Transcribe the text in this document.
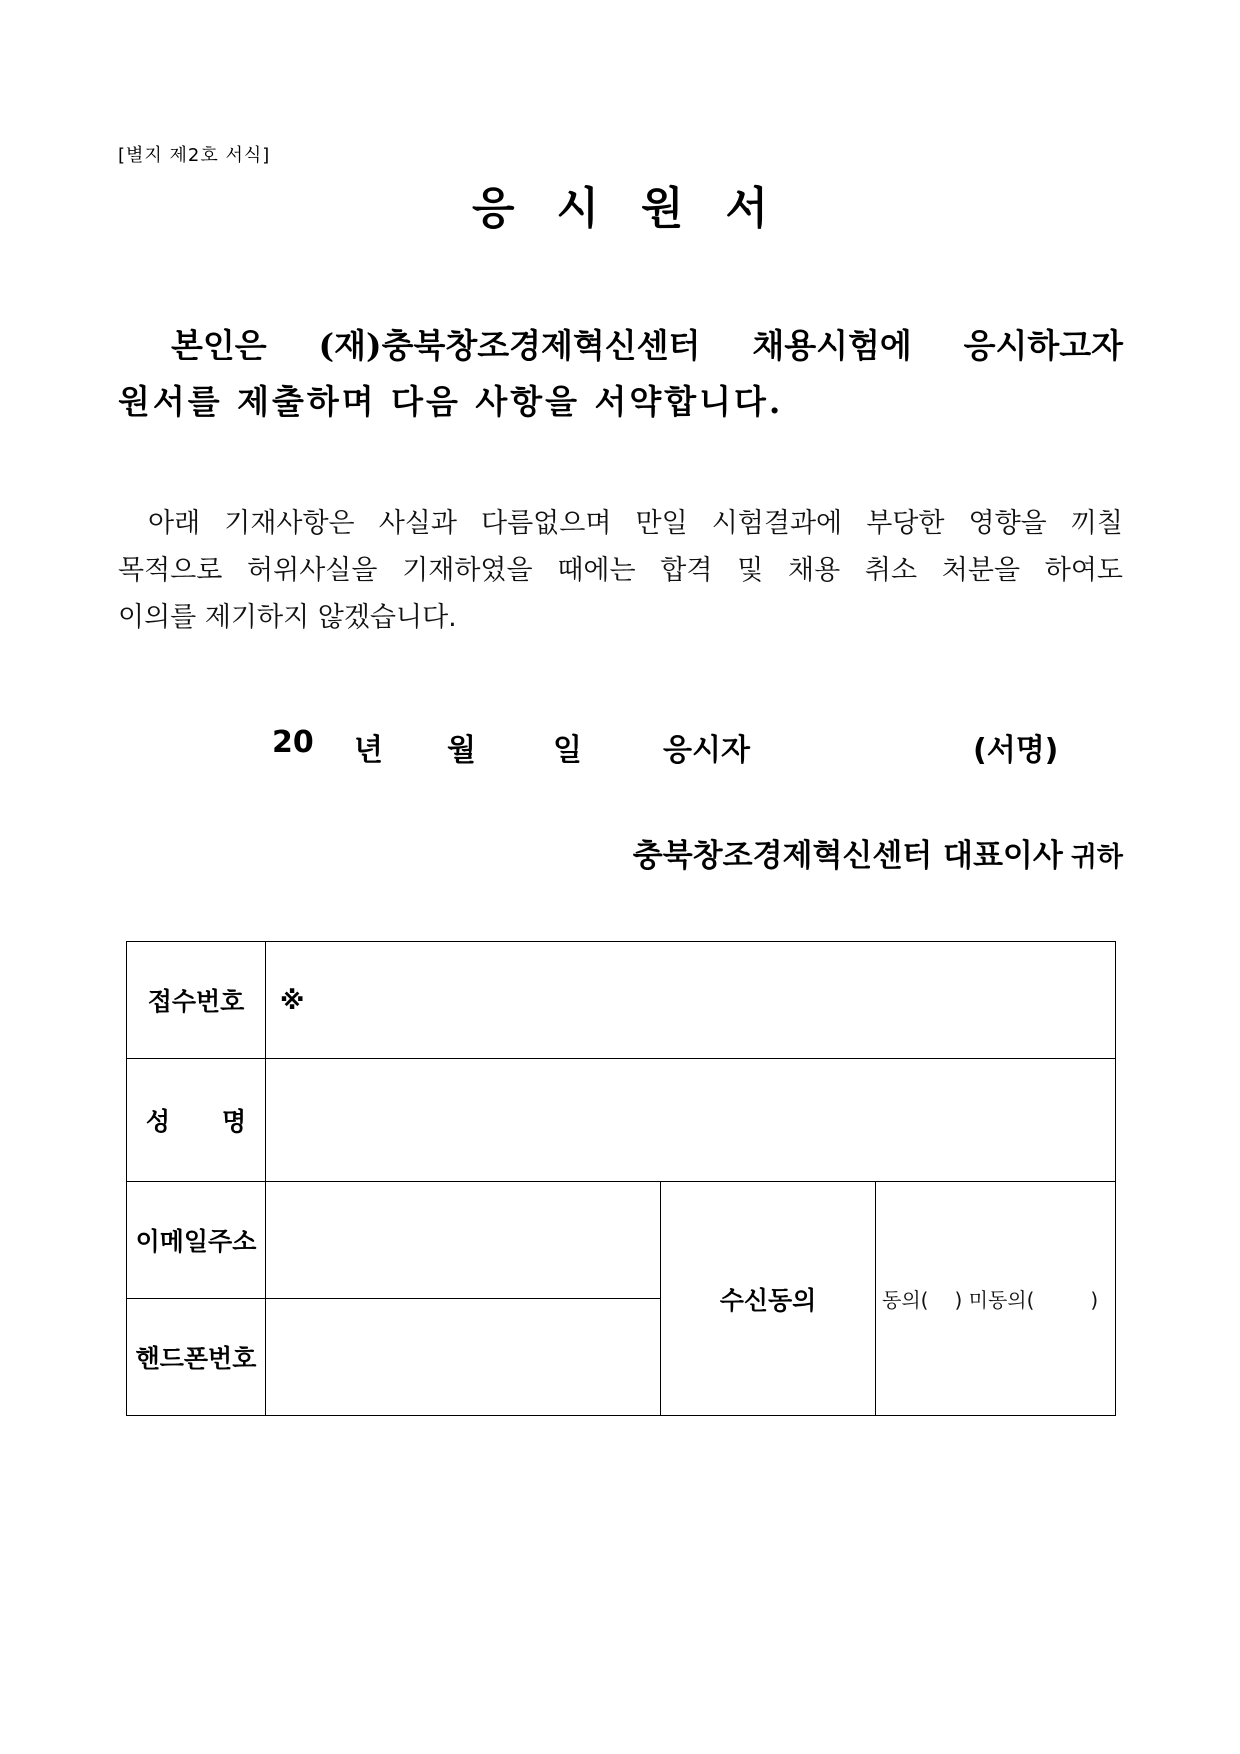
[별지 제2호 서식]
응시원서
본인은 (재)충북창조경제혁신센터 채용시험에 응시하고자
원서를 제출하며 다음 사항을 서약합니다.
아래 기재사항은 사실과 다름없으며 만일 시험결과에 부당한 영향을 끼칠
목적으로 허위사실을 기재하였을 때에는 합격 및 채용 취소 처분을 하여도
이의를 제기하지 않겠습니다.
20 년 월	일	응시자	(서명)
충북창조경제혁신센터 대표이사 귀하
접수번호	※		
성 명			
이메일주소		수신동의	동의( ) 미동의( )
핸드폰번호			
